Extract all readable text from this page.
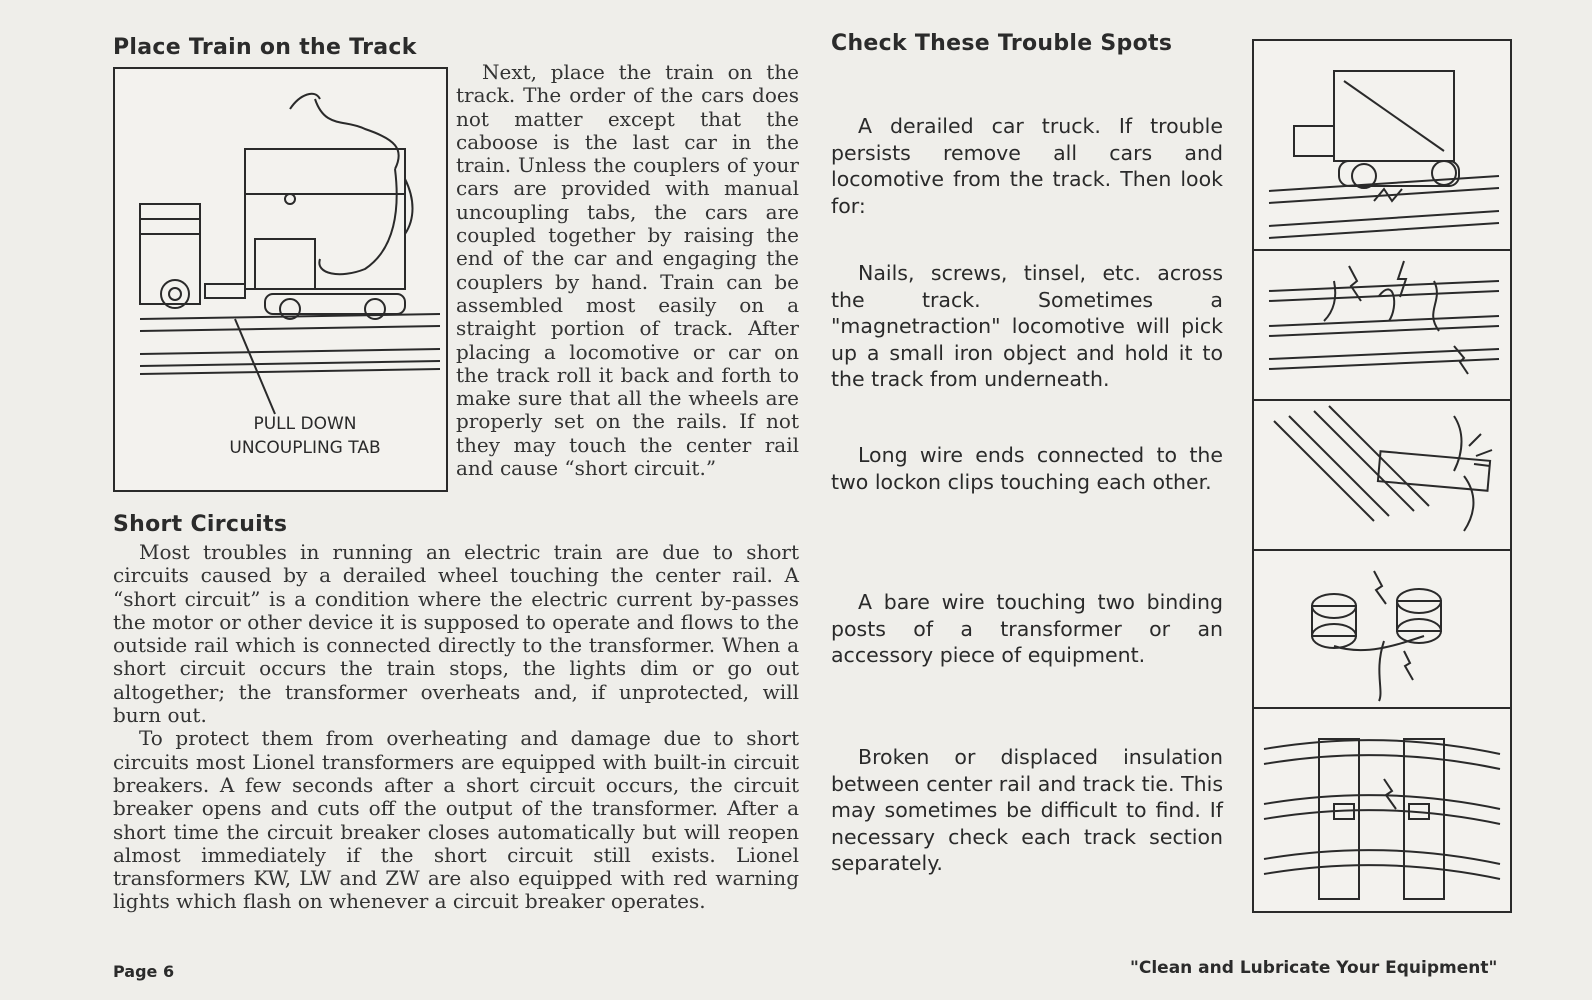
Place Train on the Track
PULL DOWN
UNCOUPLING TAB

Next, place the train on the track. The order of the cars does not matter except that the caboose is the last car in the train. Unless the couplers of your cars are provided with manual uncoupling tabs, the cars are coupled together by raising the end of the car and engaging the couplers by hand. Train can be assembled most easily on a straight portion of track. After placing a locomotive or car on the track roll it back and forth to make sure that all the wheels are properly set on the rails. If not they may touch the center rail and cause “short circuit.”

Short Circuits

Most troubles in running an electric train are due to short circuits caused by a derailed wheel touching the center rail. A “short circuit” is a condition where the electric current by-passes the motor or other device it is supposed to operate and flows to the outside rail which is connected directly to the transformer. When a short circuit occurs the train stops, the lights dim or go out altogether; the transformer overheats and, if unprotected, will burn out.

To protect them from overheating and damage due to short circuits most Lionel transformers are equipped with built-in circuit breakers. A few seconds after a short circuit occurs, the circuit breaker opens and cuts off the output of the transformer. After a short time the circuit breaker closes automatically but will reopen almost immediately if the short circuit still exists. Lionel transformers KW, LW and ZW are also equipped with red warning lights which flash on whenever a circuit breaker operates.

Page 6
Check These Trouble Spots

A derailed car truck. If trouble persists remove all cars and locomotive from the track. Then look for:

Nails, screws, tinsel, etc. across the track. Sometimes a "magnetraction" locomotive will pick up a small iron object and hold it to the track from underneath.

Long wire ends connected to the two lockon clips touching each other.

A bare wire touching two binding posts of a transformer or an accessory piece of equipment.

Broken or displaced insulation between center rail and track tie. This may sometimes be difficult to find. If necessary check each track section separately.

"Clean and Lubricate Your Equipment"
